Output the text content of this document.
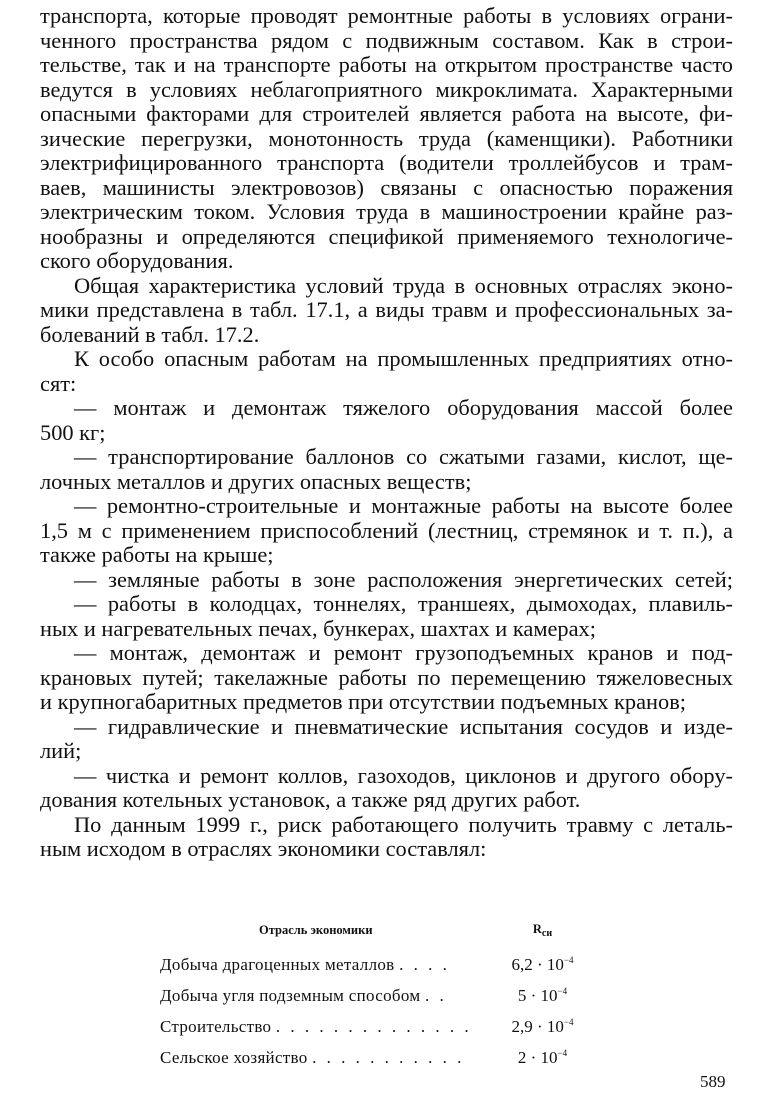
транспорта, которые проводят ремонтные работы в условиях ограни-
ченного пространства рядом с подвижным составом. Как в строи-
тельстве, так и на транспорте работы на открытом пространстве часто
ведутся в условиях неблагоприятного микроклимата. Характерными
опасными факторами для строителей является работа на высоте, фи-
зические перегрузки, монотонность труда (каменщики). Работники
электрифицированного транспорта (водители троллейбусов и трам-
ваев, машинисты электровозов) связаны с опасностью поражения
электрическим током. Условия труда в машиностроении крайне раз-
нообразны и определяются спецификой применяемого технологиче-
ского оборудования.
Общая характеристика условий труда в основных отраслях эконо-
мики представлена в табл. 17.1, а виды травм и профессиональных за-
болеваний в табл. 17.2.
К особо опасным работам на промышленных предприятиях отно-
сят:
— монтаж и демонтаж тяжелого оборудования массой более
500 кг;
— транспортирование баллонов со сжатыми газами, кислот, ще-
лочных металлов и других опасных веществ;
— ремонтно-строительные и монтажные работы на высоте более
1,5 м с применением приспособлений (лестниц, стремянок и т. п.), а
также работы на крыше;
— земляные работы в зоне расположения энергетических сетей;
— работы в колодцах, тоннелях, траншеях, дымоходах, плавиль-
ных и нагревательных печах, бункерах, шахтах и камерах;
— монтаж, демонтаж и ремонт грузоподъемных кранов и под-
крановых путей; такелажные работы по перемещению тяжеловесных
и крупногабаритных предметов при отсутствии подъемных кранов;
— гидравлические и пневматические испытания сосудов и изде-
лий;
— чистка и ремонт коллов, газоходов, циклонов и другого обору-
дования котельных установок, а также ряд других работ.
По данным 1999 г., риск работающего получить травму с леталь-
ным исходом в отраслях экономики составлял:
Отрасль экономики	$R_{си}$
Добыча драгоценных металлов . . . .	$6,2 \cdot 10^{-4}$
Добыча угля подземным способом . .	$5 \cdot 10^{-4}$
Строительство . . . . . . . . . . . . . .	$2,9 \cdot 10^{-4}$
Сельское хозяйство . . . . . . . . . . .	$2 \cdot 10^{-4}$
589
